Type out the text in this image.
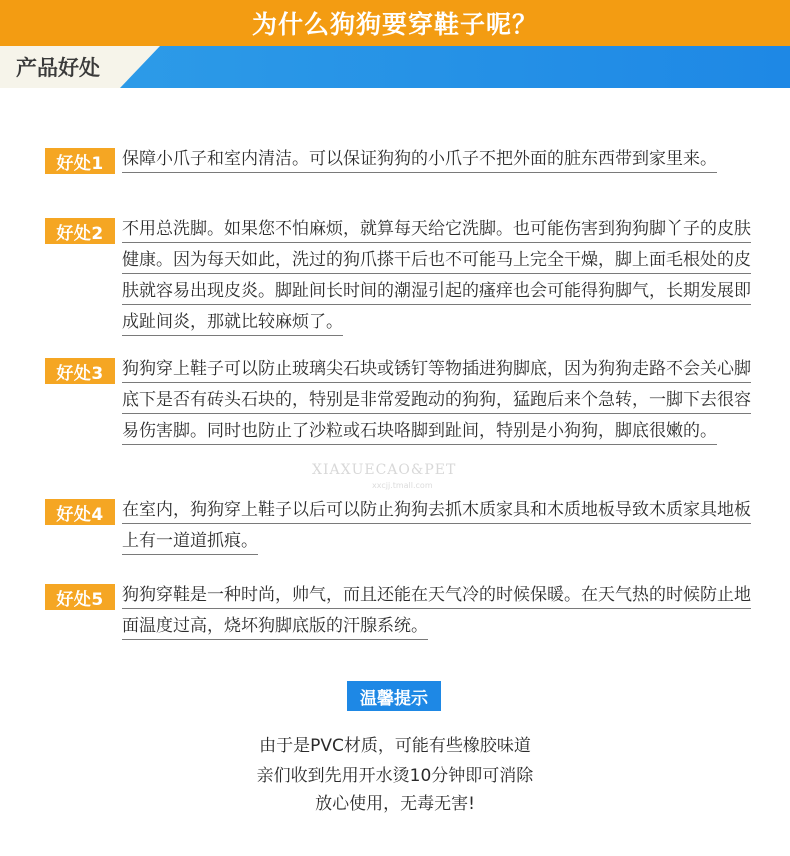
为什么狗狗要穿鞋子呢？
产品好处
好处1	保障小爪子和室内清洁。可以保证狗狗的小爪子不把外面的脏东西带到家里来。
好处2	不用总洗脚。如果您不怕麻烦，就算每天给它洗脚。也可能伤害到狗狗脚丫子的皮肤健康。因为每天如此，洗过的狗爪搽干后也不可能马上完全干燥，脚上面毛根处的皮肤就容易出现皮炎。脚趾间长时间的潮湿引起的瘙痒也会可能得狗脚气，长期发展即成趾间炎，那就比较麻烦了。
好处3	狗狗穿上鞋子可以防止玻璃尖石块或锈钉等物插进狗脚底，因为狗狗走路不会关心脚底下是否有砖头石块的，特别是非常爱跑动的狗狗，猛跑后来个急转，一脚下去很容易伤害脚。同时也防止了沙粒或石块咯脚到趾间，特别是小狗狗，脚底很嫩的。
XIAXUECAO&PET
xxcjj.tmall.com
好处4	在室内，狗狗穿上鞋子以后可以防止狗狗去抓木质家具和木质地板导致木质家具地板上有一道道抓痕。
好处5	狗狗穿鞋是一种时尚，帅气，而且还能在天气冷的时候保暖。在天气热的时候防止地面温度过高，烧坏狗脚底版的汗腺系统。
温馨提示
由于是PVC材质，可能有些橡胶味道
亲们收到先用开水烫10分钟即可消除
放心使用，无毒无害!
